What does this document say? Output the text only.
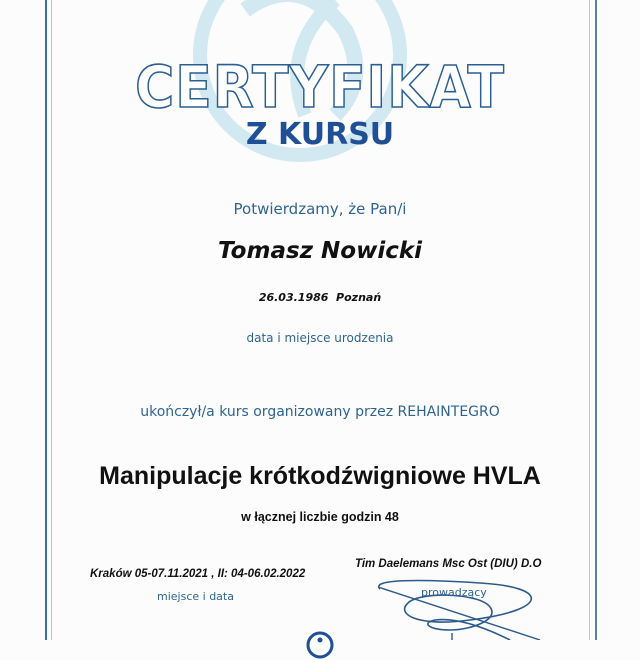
CERTYFIKAT
Z KURSU
Potwierdzamy, że Pan/i
Tomasz Nowicki
26.03.1986  Poznań
data i miejsce urodzenia
ukończył/a kurs organizowany przez REHAINTEGRO
Manipulacje krótkodźwigniowe HVLA
w łącznej liczbie godzin 48
Kraków 05-07.11.2021 , II: 04-06.02.2022
miejsce i data
Tim Daelemans Msc Ost (DIU) D.O
prowadzący
